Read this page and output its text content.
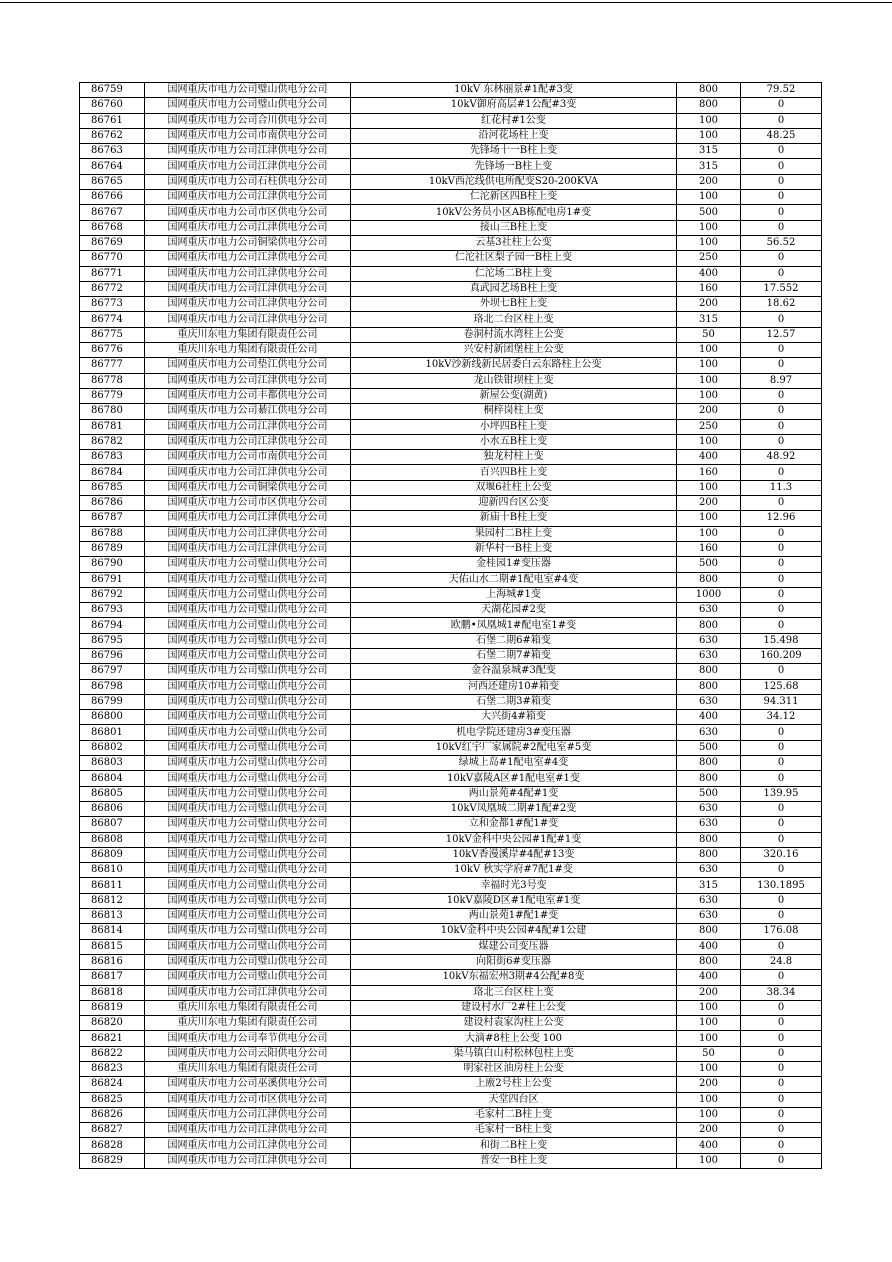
86759	国网重庆市电力公司璧山供电分公司	10kV 东林丽景#1配#3变	800	79.52
86760	国网重庆市电力公司璧山供电分公司	10kV御府高层#1公配#3变	800	0
86761	国网重庆市电力公司合川供电分公司	红花村#1公变	100	0
86762	国网重庆市电力公司市南供电分公司	沿河花场柱上变	100	48.25
86763	国网重庆市电力公司江津供电分公司	先锋场十一B柱上变	315	0
86764	国网重庆市电力公司江津供电分公司	先锋场一B柱上变	315	0
86765	国网重庆市电力公司石柱供电分公司	10kV西沱线供电所配变S20-200KVA	200	0
86766	国网重庆市电力公司江津供电分公司	仁沱新区四B柱上变	100	0
86767	国网重庆市电力公司市区供电分公司	10kV公务员小区AB栋配电房1#变	500	0
86768	国网重庆市电力公司江津供电分公司	接山三B柱上变	100	0
86769	国网重庆市电力公司铜梁供电分公司	云基3社柱上公变	100	56.52
86770	国网重庆市电力公司江津供电分公司	仁沱社区梨子园一B柱上变	250	0
86771	国网重庆市电力公司江津供电分公司	仁沱场二B柱上变	400	0
86772	国网重庆市电力公司江津供电分公司	真武园艺场B柱上变	160	17.552
86773	国网重庆市电力公司江津供电分公司	外坝七B柱上变	200	18.62
86774	国网重庆市电力公司江津供电分公司	珞北二台区柱上变	315	0
86775	重庆川东电力集团有限责任公司	卷洞村流水湾柱上公变	50	12.57
86776	重庆川东电力集团有限责任公司	兴安村新团堡柱上公变	100	0
86777	国网重庆市电力公司垫江供电分公司	10kV沙新线新民居委白云东路柱上公变	100	0
86778	国网重庆市电力公司江津供电分公司	龙山铁钳坝柱上变	100	8.97
86779	国网重庆市电力公司丰都供电分公司	新屋公变(湖黄)	100	0
86780	国网重庆市电力公司綦江供电分公司	桐梓岗柱上变	200	0
86781	国网重庆市电力公司江津供电分公司	小坪四B柱上变	250	0
86782	国网重庆市电力公司江津供电分公司	小水五B柱上变	100	0
86783	国网重庆市电力公司市南供电分公司	独龙村柱上变	400	48.92
86784	国网重庆市电力公司江津供电分公司	百兴四B柱上变	160	0
86785	国网重庆市电力公司铜梁供电分公司	双堰6社柱上公变	100	11.3
86786	国网重庆市电力公司市区供电分公司	迎新四台区公变	200	0
86787	国网重庆市电力公司江津供电分公司	新庙十B柱上变	100	12.96
86788	国网重庆市电力公司江津供电分公司	果园村二B柱上变	100	0
86789	国网重庆市电力公司江津供电分公司	新华村一B柱上变	160	0
86790	国网重庆市电力公司璧山供电分公司	金桂园1#变压器	500	0
86791	国网重庆市电力公司璧山供电分公司	天佑山水二期#1配电室#4变	800	0
86792	国网重庆市电力公司璧山供电分公司	上海城#1变	1000	0
86793	国网重庆市电力公司璧山供电分公司	天湖花园#2变	630	0
86794	国网重庆市电力公司璧山供电分公司	欧鹏•凤凰城1#配电室1#变	800	0
86795	国网重庆市电力公司璧山供电分公司	石堡二期6#箱变	630	15.498
86796	国网重庆市电力公司璧山供电分公司	石堡二期7#箱变	630	160.209
86797	国网重庆市电力公司璧山供电分公司	金谷温泉城#3配变	800	0
86798	国网重庆市电力公司璧山供电分公司	河西还建房10#箱变	800	125.68
86799	国网重庆市电力公司璧山供电分公司	石堡二期3#箱变	630	94.311
86800	国网重庆市电力公司璧山供电分公司	大兴街4#箱变	400	34.12
86801	国网重庆市电力公司璧山供电分公司	机电学院还建房3#变压器	630	0
86802	国网重庆市电力公司璧山供电分公司	10kV红宇厂家属院#2配电室#5变	500	0
86803	国网重庆市电力公司璧山供电分公司	绿城上岛#1配电室#4变	800	0
86804	国网重庆市电力公司璧山供电分公司	10kV嘉陵A区#1配电室#1变	800	0
86805	国网重庆市电力公司璧山供电分公司	两山景苑#4配#1变	500	139.95
86806	国网重庆市电力公司璧山供电分公司	10kV凤凰城二期#1配#2变	630	0
86807	国网重庆市电力公司璧山供电分公司	立和金都1#配1#变	630	0
86808	国网重庆市电力公司璧山供电分公司	10kV金科中央公园#1配#1变	800	0
86809	国网重庆市电力公司璧山供电分公司	10kV香漫溪岸#4配#13变	800	320.16
86810	国网重庆市电力公司璧山供电分公司	10kV 秋实学府#7配1#变	630	0
86811	国网重庆市电力公司璧山供电分公司	幸福时光3号变	315	130.1895
86812	国网重庆市电力公司璧山供电分公司	10kV嘉陵D区#1配电室#1变	630	0
86813	国网重庆市电力公司璧山供电分公司	两山景苑1#配1#变	630	0
86814	国网重庆市电力公司璧山供电分公司	10kV金科中央公园#4配#1公建	800	176.08
86815	国网重庆市电力公司璧山供电分公司	煤建公司变压器	400	0
86816	国网重庆市电力公司璧山供电分公司	向阳街6#变压器	800	24.8
86817	国网重庆市电力公司璧山供电分公司	10kV东福宏州3期#4公配#8变	400	0
86818	国网重庆市电力公司江津供电分公司	珞北三台区柱上变	200	38.34
86819	重庆川东电力集团有限责任公司	建设村水厂2#柱上公变	100	0
86820	重庆川东电力集团有限责任公司	建设村袁家沟柱上公变	100	0
86821	国网重庆市电力公司奉节供电分公司	大滴#8柱上公变 100	100	0
86822	国网重庆市电力公司云阳供电分公司	渠马镇白山村松林包柱上变	50	0
86823	重庆川东电力集团有限责任公司	明家社区油房柱上公变	100	0
86824	国网重庆市电力公司巫溪供电分公司	上廒2号柱上公变	200	0
86825	国网重庆市电力公司市区供电分公司	天堂四台区	100	0
86826	国网重庆市电力公司江津供电分公司	毛家村二B柱上变	100	0
86827	国网重庆市电力公司江津供电分公司	毛家村一B柱上变	200	0
86828	国网重庆市电力公司江津供电分公司	和街二B柱上变	400	0
86829	国网重庆市电力公司江津供电分公司	普安一B柱上变	100	0
